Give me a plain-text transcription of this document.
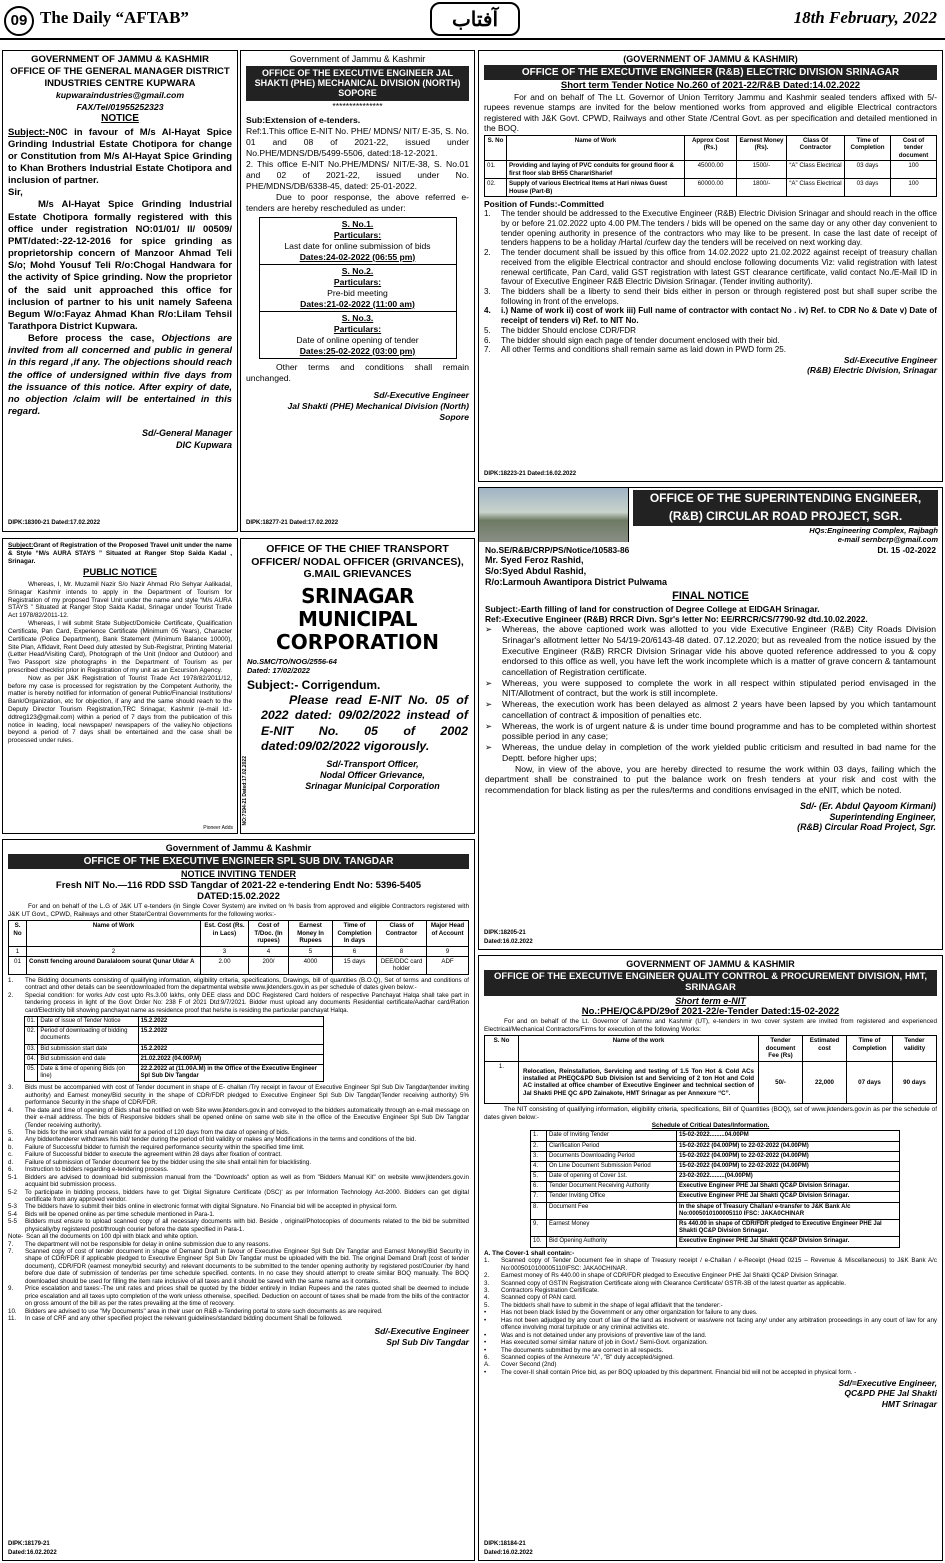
09 The Daily “AFTAB”	آفتاب	18th February, 2022
GOVERNMENT OF JAMMU & KASHMIR
OFFICE OF THE GENERAL MANAGER DISTRICT
INDUSTRIES CENTRE KUPWARA
kupwaraindustries@gmail.com
FAX/Tel/01955252323
NOTICE
Subject:-N0C in favour of M/s Al-Hayat Spice Grinding Industrial Estate Chotipora for change or Constitution from M/s Al-Hayat Spice Grinding to Khan Brothers Industrial Estate Chotipora and inclusion of partner.
Sir,
M/s Al-Hayat Spice Grinding Industrial Estate Chotipora formally registered with this office under registration NO:01/01/ II/ 00509/ PMT/dated:-22-12-2016 for spice grinding as proprietorship concern of Manzoor Ahmad Teli S/o; Mohd Yousuf Teli R/o:Chogal Handwara for the activity of Spice grinding. Now the proprietor of the said unit approached this office for inclusion of partner to his unit namely Safeena Begum W/o:Fayaz Ahmad Khan R/o:Lilam Tehsil Tarathpora District Kupwara.
Before process the case, Objections are invited from all concerned and public in general in this regard ,if any. The objections should reach the office of undersigned within five days from the issuance of this notice. After expiry of date, no objection /claim will be entertained in this regard.
Sd/-General Manager
DIC Kupwara
DIPK:18300-21 Dated:17.02.2022
Government of Jammu & Kashmir
OFFICE OF THE EXECUTIVE ENGINEER JAL SHAKTI (PHE) MECHANICAL DIVISION (NORTH) SOPORE
***************
Sub:Extension of e-tenders.
Ref:1.This office E-NIT No. PHE/ MDNS/ NIT/ E-35, S. No. 01 and 08 of 2021-22, issued under No.PHE/MDNS/DB/5499-5506, dated:18-12-2021.
2. This office E-NIT No.PHE/MDNS/ NIT/E-38, S. No.01 and 02 of 2021-22, issued under No. PHE/MDNS/DB/6338-45, dated: 25-01-2022.
Due to poor response, the above referred e-tenders are hereby rescheduled as under:
S. No.1.
Particulars:
Last date for online submission of bids
Dates:24-02-2022 (06:55 pm)
S. No.2.
Particulars:
Pre-bid meeting
Dates:21-02-2022 (11:00 am)
S. No.3.
Particulars:
Date of online opening of tender
Dates:25-02-2022 (03:00 pm)
Other terms and conditions shall remain unchanged.
Sd/-Executive Engineer
Jal Shakti (PHE) Mechanical Division (North)
Sopore
DIPK:18277-21 Dated:17.02.2022
(GOVERNMENT OF JAMMU & KASHMIR)
OFFICE OF THE EXECUTIVE ENGINEER (R&B) ELECTRIC DIVISION SRINAGAR
Short term Tender Notice No.260 of 2021-22/R&B Dated:14.02.2022
For and on behalf of The Lt. Governor of Union Territory Jammu and Kashmir sealed tenders affixed with 5/- rupees revenue stamps are invited for the below mentioned works from approved and eligible Electrical contractors registered with J&K Govt. CPWD, Railways and other State /Central Govt. as per specification and detailed mentioned in the BOQ.
S. No	Name of Work	Approx Cost (Rs.)	Earnest Money (Rs).	Class Of Contractor	Time of Completion	Cost of tender document
01.	Providing and laying of PVC conduits for ground floor & first floor slab BH55 CharariSharief	45000.00	1500/-	“A” Class Electrical	03 days	100
02.	Supply of various Electrical Items at Hari niwas Guest House (Part-B)	60000.00	1800/-	“A” Class Electrical	03 days	100
Position of Funds:-Committed
1.	The tender should be addressed to the Executive Engineer (R&B) Electric Division Srinagar and should reach in the office by or before 21.02.2022 upto 4.00 PM.The tenders / bids will be opened on the same day or any other day convenient to tender opening authority in presence of the contractors who may like to be present. In case the last date of receipt of tenders happens to be a holiday /Hartal /curfew day the tenders will be received on next working day.
2.	The tender document shall be issued by this office from 14.02.2022 upto 21.02.2022 against receipt of treasury challan received from the eligible Electrical contractor and should enclose following documents Viz: valid registration with latest renewal certificate, Pan Card, valid GST registration with latest GST clearance certificate, valid contact No./E-Mail ID in favour of Executive Engineer R&B Electric Division Srinagar. (Tender inviting authority).
3.	The bidders shall be a liberty to send their bids either in person or through registered post but shall super scribe the following in front of the envelops.
4.	i.) Name of work ii) cost of work iii) Full name of contractor with contact No . iv) Ref. to CDR No & Date v) Date of receipt of tenders vi) Ref. to NIT No.
5.	The bidder Should enclose CDR/FDR
6.	The bidder should sign each page of tender document enclosed with their bid.
7.	All other Terms and conditions shall remain same as laid down in PWD form 25.
Sd/-Executive Engineer
(R&B) Electric Division, Srinagar
DIPK:18223-21 Dated:16.02.2022
Subject:Grant of Registration of the Proposed Travel unit under the name & Style “M/s AURA STAYS ” Situated at Ranger Stop Saida Kadal , Srinagar.
PUBLIC NOTICE
Whereas, I, Mr. Muzamil Nazir S/o Nazir Ahmad R/o Sehyar Aalikadal, Srinagar Kashmir intends to apply in the Department of Tourism for Registration of my proposed Travel Unit under the name and style “M/s AURA STAYS ” Situated at Ranger Stop Saida Kadal, Srinagar under Tourist Trade Act 1978/82/2011-12.
Whereas, I will submit State Subject/Domicile Certificate, Qualification Certificate, Pan Card, Experience Certificate (Minimum 05 Years), Character Certificate (Police Department), Bank Statement (Minimum Balance 10000), Site Plan, Affidavit, Rent Deed duly attested by Sub-Registrar, Printing Material (Letter Head/Visiting Card), Photograph of the Unit (Indoor and Outdoor) and Two Passport size photographs in the Department of Tourism as per prescribed checklist prior in Registration of my unit as an Excursion Agency.
Now as per J&K Registration of Tourist Trade Act 1978/82/2011/12, before my case is processed for registration by the Competent Authority, the matter is hereby notified for information of general Public/Financial Institutions/ Bank/Organization, etc for objection, if any and the same should reach to the Deputy Director Tourism Registration,TRC Srinagar, Kashmir (e-mail Id:-ddtreg123@gmail.com) within a period of 7 days from the publication of this notice in leading, local newspaper/ newspapers of the valley.No objections beyond a period of 7 days shall be entertained and the case shall be processed under rules.
Pioneer Adds
OFFICE OF THE CHIEF TRANSPORT
OFFICER/ NODAL OFFICER (GRIVANCES),
G.MAIL GRIEVANCES
SRINAGAR MUNICIPAL
CORPORATION
No.SMC/TO/NOG/2556-64
Dated: 17/02/2022
Subject:- Corrigendum.
Please read E-NIT No. 05 of 2022 dated: 09/02/2022 instead of E-NIT No. 05 of 2002 dated:09/02/2022 vigorously.
Sd/-Transport Officer,
Nodal Officer Grievance,
Srinagar Municipal Corporation
NO:7194-21 Dated:17.02.2022
OFFICE OF THE SUPERINTENDING ENGINEER,
(R&B) CIRCULAR ROAD PROJECT, SGR.
HQs:Engineering Complex, Rajbagh
e-mail sernbcrp@gmail.com
No.SE/R&B/CRP/PS/Notice/10583-86	Dt. 15 -02-2022
Mr. Syed Feroz Rashid,
S/o:Syed Abdul Rashid,
R/o:Larmouh Awantipora District Pulwama
FINAL NOTICE
Subject:-Earth filling of land for construction of Degree College at EIDGAH Srinagar.
Ref:-Executive Engineer (R&B) RRCR Divn. Sgr's letter No: EE/RRCR/CS/7790-92 dtd.10.02.2022.
➢	Whereas, the above captioned work was allotted to you vide Executive Engineer (R&B) City Roads Division Srinagar's allotment letter No 54/19-20/6143-48 dated. 07.12.2020; but as revealed from the notice issued by the Executive Engineer (R&B) RRCR Division Srinagar vide his above quoted reference addressed to you & copy endorsed to this office as well, you have left the work incomplete which is a matter of grave concern & tantamount cancellation of Registration certificate.
➢	Whereas, you were supposed to complete the work in all respect within stipulated period envisaged in the NIT/Allotment of contract, but the work is still incomplete.
➢	Whereas, the execution work has been delayed as almost 2 years have been lapsed by you which tantamount cancellation of contract & imposition of penalties etc.
➢	Whereas, the work is of urgent nature & is under time bound programme and has to be completed within shortest possible period in any case;
➢	Whereas, the undue delay in completion of the work yielded public criticism and resulted in bad name for the Deptt. before higher ups;
Now, in view of the above, you are hereby directed to resume the work within 03 days, failing which the department shall be constrained to put the balance work on fresh tenders at your risk and cost with the recommendation for black listing as per the rules/terms and conditions envisaged in the eNIT, which be noted.
Sd/- (Er. Abdul Qayoom Kirmani)
Superintending Engineer,
(R&B) Circular Road Project, Sgr.
DIPK:18205-21
Dated:16.02.2022
Government of Jammu & Kashmir
OFFICE OF THE EXECUTIVE ENGINEER SPL SUB DIV. TANGDAR
NOTICE INVITING TENDER
Fresh NIT No.—116 RDD SSD Tangdar of 2021-22 e-tendering Endt No: 5396-5405
DATED:15.02.2022
For and on behalf of the L.G of J&K UT e-tenders (in Single Cover System) are invited on % basis from approved and eligible Contractors registered with J&K UT Govt., CPWD, Railways and other State/Central Governments for the following works:-
S. No	Name of Work	Est. Cost (Rs. in Lacs)	Cost of T/Doc. (In rupees)	Earnest Money In Rupees	Time of Completion In days	Class of Contractor	Major Head of Account
1	2	3	4	5	6	8	9
01	Constt fencing around Daralaloom sourat Qunar Uldar A	2.00	200/	4000	15 days	DEE/DDC card holder	ADF
1.	The Bidding documents consisting of qualifying information, eligibility criteria, specifications, Drawings, bill of quantities (B.O.Q), Set of terms and conditions of contract and other details can be seen/downloaded from the departmental website www.jktenders.gov.in as per schedule of dates given below:-
2.	Special condition: for works Adv cost upto Rs.3.00 lakhs, only DEE class and DDC Registered Card holders of respective Panchayat Halqa shall take part in tendering process in light of the Govt Order No: 238 F of 2021 Dtd:9/7/2021. Bidder must upload any documents Residential certificate/Aadhar card/Ration card/Electricity bill showing panchayat name as residence proof that he/she is residing the particular panchayat Halqa.
01.	Date of issue of Tender Notice	15.2.2022
02.	Period of downloading of bidding documents	15.2.2022
03.	Bid submission start date	15.2.2022
04.	Bid submission end date	21.02.2022 (04.00P.M)
05.	Date & time of opening Bids (on line)	22.2.2022 at (11.00A.M) in the Office of the Executive Engineer Spl Sub Div Tangdar
3.	Bids must be accompanied with cost of Tender document in shape of E- challan /Try receipt in favour of Executive Engineer Spl Sub Div Tangdar(tender inviting authority) and Earnest money/Bid security in the shape of CDR/FDR pledged to Executive Engineer Spl Sub Div Tangdar(Tender receiving authority) 5% performance Security in the shape of CDR/FDR.
4.	The date and time of opening of Bids shall be notified on web Site www.jktenders.gov.in and conveyed to the bidders automatically through an e-mail message on their e-mail address. The bids of Responsive bidders shall be opened online on same web site in the office of the Executive Engineer Spl Sub Div Tangdar (Tender receiving authority).
5.	The bids for the work shall remain valid for a period of 120 days from the date of opening of bids.
a.	Any bidder/tenderer withdraws his bid/ tender during the period of bid validity or makes any Modifications in the terms and conditions of the bid.
b.	Failure of Successful bidder to furnish the required performance security within the specified time limit.
c.	Failure of Successful bidder to execute the agreement within 28 days after fixation of contract.
d.	Failure of submission of Tender document fee by the bidder using the site shall entail him for blacklisting.
6.	Instruction to bidders regarding e-tendering process.
5-1	Bidders are advised to download bid submission manual from the "Downloads" option as well as from "Bidders Manual Kit" on website www.jktenders.gov.in acquaint bid submission process.
5-2	To participate in bidding process, bidders have to get 'Digital Signature Certificate (DSC)' as per Information Technology Act-2000. Bidders can get digital certificate from any approved vendor.
5-3	The bidders have to submit their bids online in electronic format with digital Signature. No Financial bid will be accepted in physical form.
5-4	Bids will be opened online as per time schedule mentioned in Para-1.
5-5	Bidders must ensure to upload scanned copy of all necessary documents with bid. Beside , original/Photocopies of documents related to the bid be submitted physically/by registered post/through courier before the date specified in Para-1.
Note- Scan all the documents on 100 dpi with black and white option.
7.	The department will not be responsible for delay in online submission due to any reasons.
7.	Scanned copy of cost of tender document in shape of Demand Draft in favour of Executive Engineer Spl Sub Div Tangdar and Earnest Money/Bid Security in shape of CDR/FDR if applicable pledged to Executive Engineer Spl Sub Div Tangdar must be uploaded with the bid. The original Demand Draft (cost of tender document), CDR/FDR (earnest money/bid security) and relevant documents to be submitted to the tender opening authority by registered post/Courier /by hand before due date of submission of tender/as per time schedule specified. contents. In no case they should attempt to create similar BOQ manually. The BOQ downloaded should be used for filling the item rate inclusive of all taxes and it should be saved with the same name as it contains.
9.	Price escalation and taxes:-The unit rates and prices shall be quoted by the bidder entirely in Indian Rupees and the rates quoted shall be deemed to include price escalation and all taxes upto completion of the work unless otherwise, specified. Deduction on account of taxes shall be made from the bills of the contractor on gross amount of the bill as per the rates prevailing at the time of recovery.
10.	Bidders are advised to use "My Documents" area in their user on R&B e-Tendering portal to store such documents as are required.
11.	In case of CRF and any other specified project the relevant guidelines/standard bidding document Shall be followed.
Sd/-Executive Engineer
Spl Sub Div Tangdar
DIPK:18179-21
Dated:16.02.2022
GOVERNMENT OF JAMMU & KASHMIR
OFFICE OF THE EXECUTIVE ENGINEER QUALITY CONTROL & PROCUREMENT DIVISION, HMT, SRINAGAR
Short term e-NIT
No.:PHE/QC&PD/29of 2021-22/e-Tender Dated:15-02-2022
For and on behalf of the Lt. Governor of Jammu and Kashmir (UT), e-tenders in two cover system are invited from registered and experienced Electrical/Mechanical Contractors/Firms for execution of the following Works:
S. No	Name of the work	Tender document Fee (Rs)	Estimated cost	Time of Completion	Tender validity
1.	Relocation, Reinstallation, Servicing and testing of 1.5 Ton Hot & Cold ACs installed at PHEQC&PD Sub Division Ist and Servicing of 2 ton Hot and Cold AC installed at office chamber of Executive Engineer and technical section of Jal Shakti PHE QC &PD Zainakote, HMT Srinagar as per Annexure “C”.	50/-	22,000	07 days	90 days
The NIT consisting of qualifying information, eligibility criteria, specifications, Bill of Quantities (BOQ), set of www.jktenders.gov.in as per the schedule of dates given below:-
Schedule of Critical Dates/Information.
1.	Date of Inviting Tender	15-02-2022.........04.00PM
2.	Clarification Period	15-02-2022 (04.00PM) to 22-02-2022 (04.00PM)
3.	Documents Downloading Period	15-02-2022 (04.00PM) to 22-02-2022 (04.00PM)
4.	On Line Document Submission Period	15-02-2022 (04.00PM) to 22-02-2022 (04.00PM)
5.	Date of opening of Cover 1st.	23-02-2022.........(04.00PM)
6.	Tender Document Receiving Authority	Executive Engineer PHE Jal Shakti QC&P Division Srinagar.
7.	Tender Inviting Office	Executive Engineer PHE Jal Shakti QC&P Division Srinagar.
8.	Document Fee	In the shape of Treasury Challan/ e-transfer to J&K Bank A/c No:0005010100005110 IFSC: JAKA0CHINAR
9.	Earnest Money	Rs 440.00 in shape of CDR/FDR pledged to Executive Engineer PHE Jal Shakti QC&P Division Srinagar.
10.	Bid Opening Authority	Executive Engineer PHE Jal Shakti QC&P Division Srinagar.
A. The Cover-1 shall contain:-
1.	Scanned copy of Tender Document fee in shape of Treasury receipt / e-Challan / e-Receipt (Head 0215 – Revenue & Miscellaneous) to J&K Bank A/c No:0005010100005110IFSC: JAKA0CHINAR.
2.	Earnest money of Rs 440.00 in shape of CDR/FDR pledged to Executive Engineer PHE Jal Shakti QC&P Division Srinagar.
3.	Scanned copy of GSTIN Registration Certificate along with Clearance Certificate/ GSTR-3B of the latest quarter as applicable.
3.	Contractors Registration Certificate.
4.	Scanned copy of PAN card.
5.	The bidder/s shall have to submit in the shape of legal affidavit that the tenderer:-
•	Has not been black listed by the Government or any other organization for failure to any dues.
•	Has not been adjudged by any court of law of the land as insolvent or was/were not facing any/ under any arbitration proceedings in any court of law for any offence involving moral turpitude or any criminal activities etc.
•	Was and is not detained under any provisions of preventive law of the land.
•	Has executed some/ similar nature of job in Govt./ Semi-Govt. organization.
•	The documents submitted by me are correct in all respects.
6.	Scanned copies of the Annexure "A", "B" duly accepted/signed.
A.	Cover Second (2nd)
•	The cover-II shall contain Price bid, as per BOQ uploaded by this department. Financial bid will not be accepted in physical form. -
Sd/=Executive Engineer,
QC&PD PHE Jal Shakti
HMT Srinagar
DIPK:18184-21
Dated:16.02.2022
